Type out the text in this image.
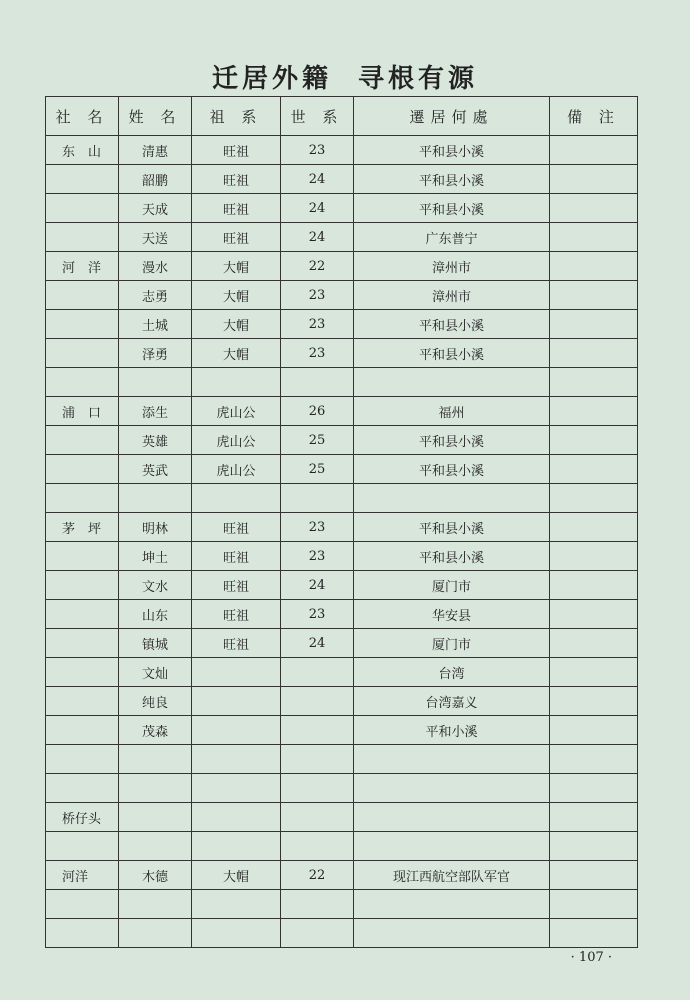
迁居外籍 寻根有源
社 名	姓 名	祖 系	世 系	遷居何處	備 注
东　山	清惠	旺祖	23	平和县小溪	
	韶鹏	旺祖	24	平和县小溪	
	天成	旺祖	24	平和县小溪	
	天送	旺祖	24	广东普宁	
河　洋	漫水	大帽	22	漳州市	
	志勇	大帽	23	漳州市	
	土城	大帽	23	平和县小溪	
	泽勇	大帽	23	平和县小溪	

浦　口	添生	虎山公	26	福州	
	英雄	虎山公	25	平和县小溪	
	英武	虎山公	25	平和县小溪	

茅　坪	明林	旺祖	23	平和县小溪	
	坤土	旺祖	23	平和县小溪	
	文水	旺祖	24	厦门市	
	山东	旺祖	23	华安县	
	镇城	旺祖	24	厦门市	
	文灿			台湾	
	纯良			台湾嘉义	
	茂森			平和小溪	

桥仔头					

河洋	木德	大帽	22	现江西航空部队军官	

· 107 ·
